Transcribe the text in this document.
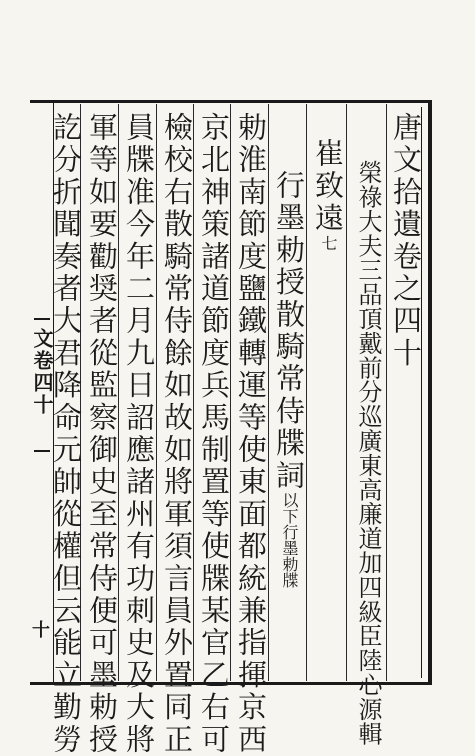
文卷四十
十
唐文拾遺卷之四十
榮祿大夫三品頂戴前分巡廣東高廉道加四級臣陸心源輯
崔致遠七
行墨勅授散騎常侍牒詞以下行墨勅牒
勅淮南節度鹽鐵轉運等使東面都統兼指揮京西
京北神策諸道節度兵馬制置等使牒某官乙右可
檢校右散騎常侍餘如故如將軍須言員外置同正
員牒准今年二月九日詔應諸州有功刺史及大將
軍等如要勸奨者從監察御史至常侍便可墨勅授
訖分折聞奏者大君降命元帥從權但云能立勤勞
